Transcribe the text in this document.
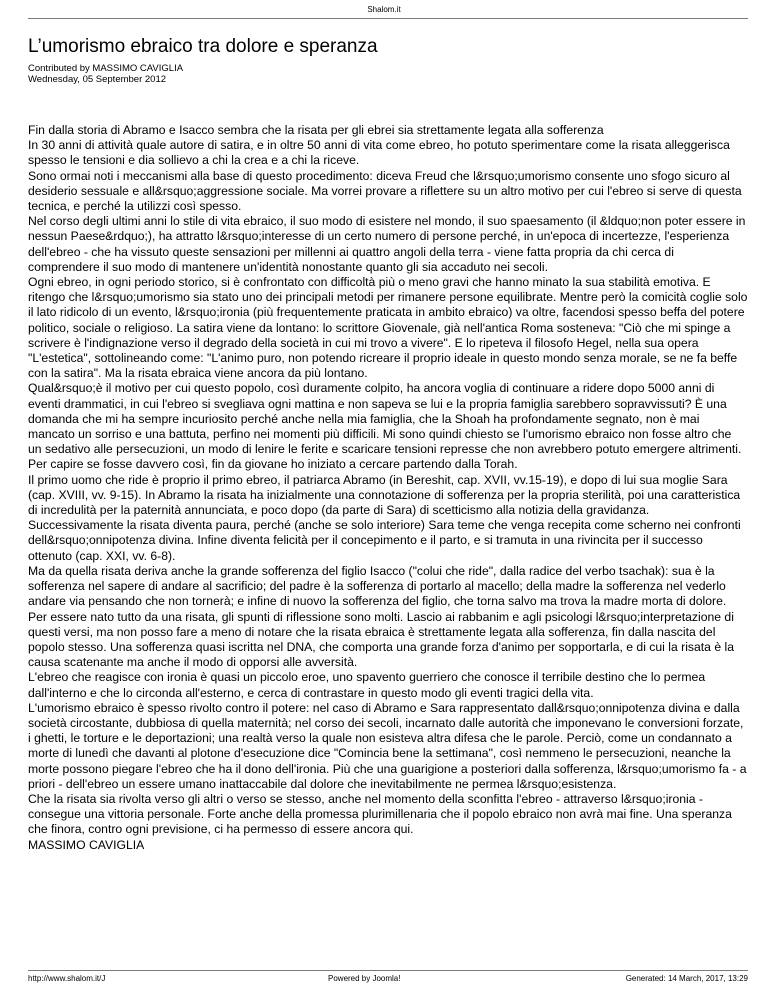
Shalom.it
L’umorismo ebraico tra dolore e speranza
Contributed by MASSIMO CAVIGLIA
Wednesday, 05 September 2012

Fin dalla storia di Abramo e Isacco sembra che la risata per gli ebrei sia strettamente legata alla sofferenza

In 30 anni di attività quale autore di satira, e in oltre 50 anni di vita come ebreo, ho potuto sperimentare come la risata alleggerisca spesso le tensioni e dia sollievo a chi la crea e a chi la riceve.

Sono ormai noti i meccanismi alla base di questo procedimento: diceva Freud che l&rsquo;umorismo consente uno sfogo sicuro al desiderio sessuale e all&rsquo;aggressione sociale. Ma vorrei provare a riflettere su un altro motivo per cui l'ebreo si serve di questa tecnica, e perché la utilizzi così spesso.

Nel corso degli ultimi anni lo stile di vita ebraico, il suo modo di esistere nel mondo, il suo spaesamento (il &ldquo;non poter essere in nessun Paese&rdquo;), ha attratto l&rsquo;interesse di un certo numero di persone perché, in un'epoca di incertezze, l'esperienza dell'ebreo - che ha vissuto queste sensazioni per millenni ai quattro angoli della terra - viene fatta propria da chi cerca di comprendere il suo modo di mantenere un'identità nonostante quanto gli sia accaduto nei secoli.

Ogni ebreo, in ogni periodo storico, si è confrontato con difficoltà più o meno gravi che hanno minato la sua stabilità emotiva. E ritengo che l&rsquo;umorismo sia stato uno dei principali metodi per rimanere persone equilibrate. Mentre però la comicità coglie solo il lato ridicolo di un evento, l&rsquo;ironia (più frequentemente praticata in ambito ebraico) va oltre, facendosi spesso beffa del potere politico, sociale o religioso. La satira viene da lontano: lo scrittore Giovenale, già nell'antica Roma sosteneva: "Ciò che mi spinge a scrivere è l'indignazione verso il degrado della società in cui mi trovo a vivere". E lo ripeteva il filosofo Hegel, nella sua opera "L'estetica", sottolineando come: "L'animo puro, non potendo ricreare il proprio ideale in questo mondo senza morale, se ne fa beffe con la satira". Ma la risata ebraica viene ancora da più lontano.

Qual&rsquo;è il motivo per cui questo popolo, così duramente colpito, ha ancora voglia di continuare a ridere dopo 5000 anni di eventi drammatici, in cui l'ebreo si svegliava ogni mattina e non sapeva se lui e la propria famiglia sarebbero sopravvissuti? È una domanda che mi ha sempre incuriosito perché anche nella mia famiglia, che la Shoah ha profondamente segnato, non è mai mancato un sorriso e una battuta, perfino nei momenti più difficili. Mi sono quindi chiesto se l'umorismo ebraico non fosse altro che un sedativo alle persecuzioni, un modo di lenire le ferite e scaricare tensioni represse che non avrebbero potuto emergere altrimenti. Per capire se fosse davvero così, fin da giovane ho iniziato a cercare partendo dalla Torah.

Il primo uomo che ride è proprio il primo ebreo, il patriarca Abramo (in Bereshit, cap. XVII, vv.15-19), e dopo di lui sua moglie Sara (cap. XVIII, vv. 9-15). In Abramo la risata ha inizialmente una connotazione di sofferenza per la propria sterilità, poi una caratteristica di incredulità per la paternità annunciata, e poco dopo (da parte di Sara) di scetticismo alla notizia della gravidanza. Successivamente la risata diventa paura, perché (anche se solo interiore) Sara teme che venga recepita come scherno nei confronti dell&rsquo;onnipotenza divina. Infine diventa felicità per il concepimento e il parto, e si tramuta in una rivincita per il successo ottenuto (cap. XXI, vv. 6-8).

Ma da quella risata deriva anche la grande sofferenza del figlio Isacco ("colui che ride", dalla radice del verbo tsachak): sua è la sofferenza nel sapere di andare al sacrificio; del padre è la sofferenza di portarlo al macello; della madre la sofferenza nel vederlo andare via pensando che non tornerà; e infine di nuovo la sofferenza del figlio, che torna salvo ma trova la madre morta di dolore.

Per essere nato tutto da una risata, gli spunti di riflessione sono molti. Lascio ai rabbanim e agli psicologi l&rsquo;interpretazione di questi versi, ma non posso fare a meno di notare che la risata ebraica è strettamente legata alla sofferenza, fin dalla nascita del popolo stesso. Una sofferenza quasi iscritta nel DNA, che comporta una grande forza d'animo per sopportarla, e di cui la risata è la causa scatenante ma anche il modo di opporsi alle avversità.

L'ebreo che reagisce con ironia è quasi un piccolo eroe, uno spavento guerriero che conosce il terribile destino che lo permea dall'interno e che lo circonda all'esterno, e cerca di contrastare in questo modo gli eventi tragici della vita.

L'umorismo ebraico è spesso rivolto contro il potere: nel caso di Abramo e Sara rappresentato dall&rsquo;onnipotenza divina e dalla società circostante, dubbiosa di quella maternità; nel corso dei secoli, incarnato dalle autorità che imponevano le conversioni forzate, i ghetti, le torture e le deportazioni; una realtà verso la quale non esisteva altra difesa che le parole. Perciò, come un condannato a morte di lunedì che davanti al plotone d'esecuzione dice "Comincia bene la settimana", così nemmeno le persecuzioni, neanche la morte possono piegare l'ebreo che ha il dono dell'ironia. Più che una guarigione a posteriori dalla sofferenza, l&rsquo;umorismo fa - a priori - dell'ebreo un essere umano inattaccabile dal dolore che inevitabilmente ne permea l&rsquo;esistenza.

Che la risata sia rivolta verso gli altri o verso se stesso, anche nel momento della sconfitta l'ebreo - attraverso l&rsquo;ironia - consegue una vittoria personale. Forte anche della promessa plurimillenaria che il popolo ebraico non avrà mai fine. Una speranza che finora, contro ogni previsione, ci ha permesso di essere ancora qui.

MASSIMO CAVIGLIA

http://www.shalom.it/J	Powered by Joomla!	Generated: 14 March, 2017, 13:29
